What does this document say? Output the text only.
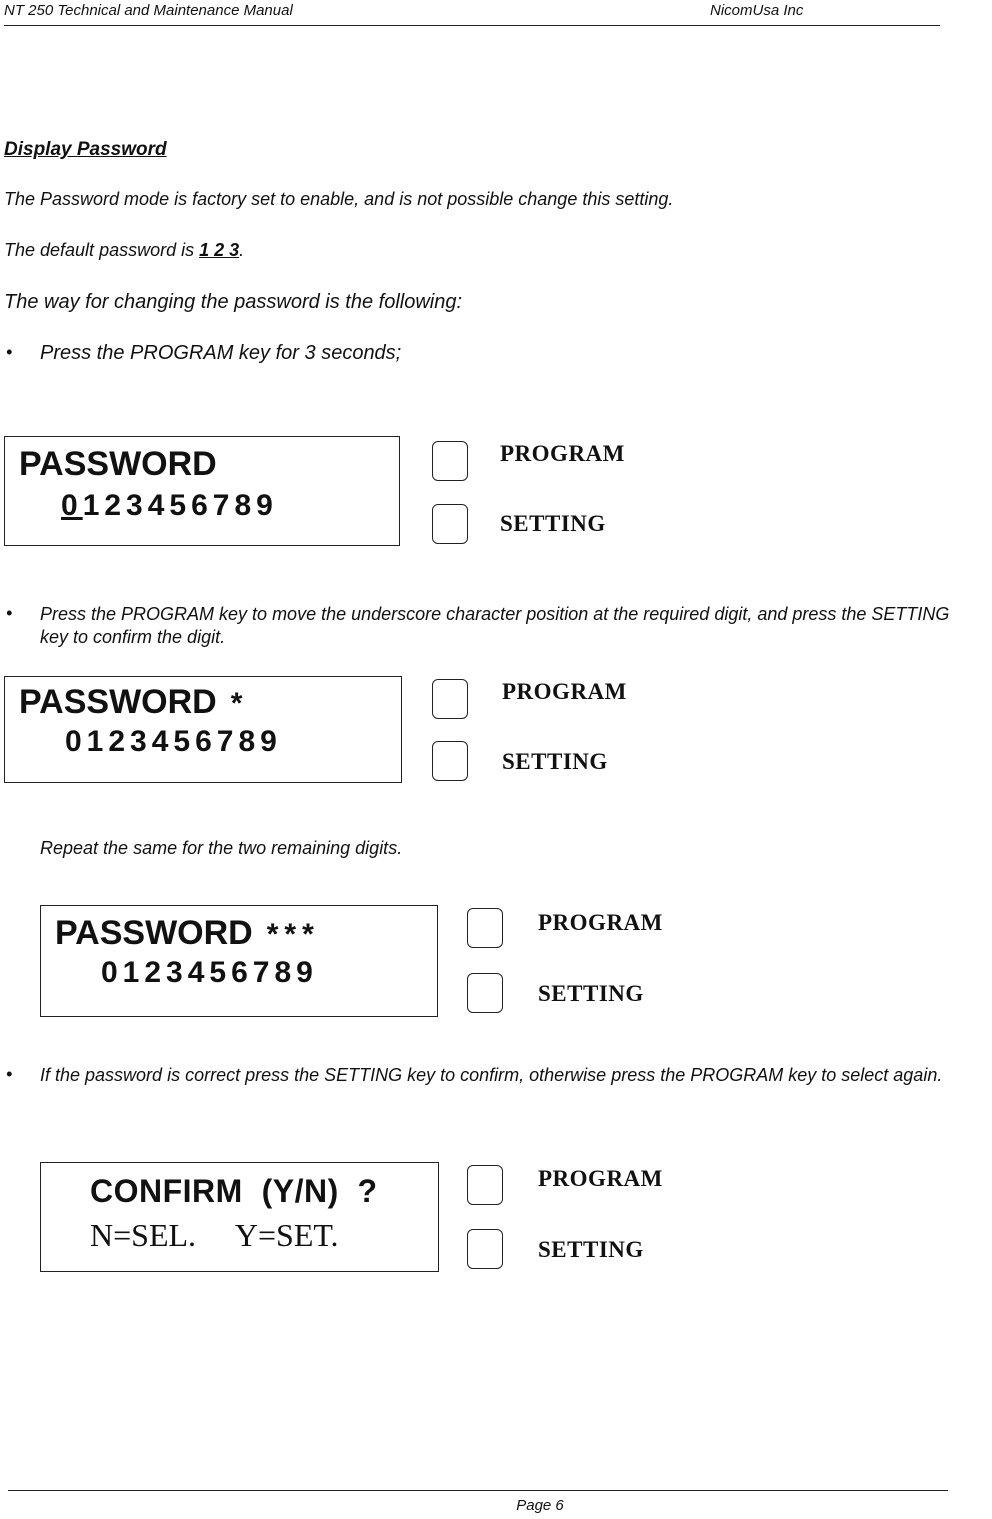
NT 250 Technical and Maintenance Manual	NicomUsa Inc
Display Password
The Password mode is factory set to enable, and is not possible change this setting.
The default password is 1 2 3.
The way for changing the password is the following:
• Press the PROGRAM key for 3 seconds;
PASSWORD
0123456789
PROGRAM
SETTING
• Press the PROGRAM key to move the underscore character position at the required digit, and press the SETTING key to confirm the digit.
PASSWORD *
0123456789
PROGRAM
SETTING
Repeat the same for the two remaining digits.
PASSWORD ***
0123456789
PROGRAM
SETTING
• If the password is correct press the SETTING key to confirm, otherwise press the PROGRAM key to select again.
CONFIRM  (Y/N)  ?
N=SEL.     Y=SET.
PROGRAM
SETTING
Page 6
